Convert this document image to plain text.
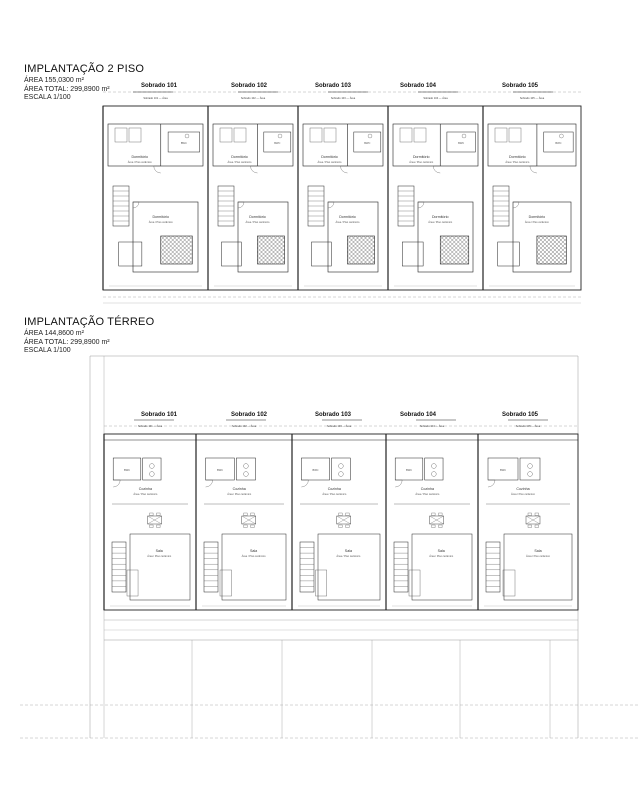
IMPLANTAÇÃO 2 PISO
ÁREA 155,0300 m²
ÁREA TOTAL: 299,8900 m²
ESCALA 1/100
Sobrado 101	Sobrado 102	Sobrado 103	Sobrado 104	Sobrado 105
IMPLANTAÇÃO TÉRREO
ÁREA 144,8600 m²
ÁREA TOTAL: 299,8900 m²
ESCALA 1/100
Sobrado 101	Sobrado 102	Sobrado 103	Sobrado 104	Sobrado 105
Sobrado 101 — Área
Dormitório
Área / Piso cerâmico
BWC
Dormitório
Área / Piso cerâmico
Sobrado 102 — Área
Dormitório
Área / Piso cerâmico
BWC
Dormitório
Área / Piso cerâmico
Sobrado 103 — Área
Dormitório
Área / Piso cerâmico
BWC
Dormitório
Área / Piso cerâmico
Sobrado 104 — Área
Dormitório
Área / Piso cerâmico
BWC
Dormitório
Área / Piso cerâmico
Sobrado 105 — Área
Dormitório
Área / Piso cerâmico
BWC
Dormitório
Área / Piso cerâmico
Sobrado 101 — Área
BWC
Cozinha
Área / Piso cerâmico
Sala
Área / Piso cerâmico
Sobrado 102 — Área
BWC
Cozinha
Área / Piso cerâmico
Sala
Área / Piso cerâmico
Sobrado 103 — Área
BWC
Cozinha
Área / Piso cerâmico
Sala
Área / Piso cerâmico
Sobrado 104 — Área
BWC
Cozinha
Área / Piso cerâmico
Sala
Área / Piso cerâmico
Sobrado 105 — Área
BWC
Cozinha
Área / Piso cerâmico
Sala
Área / Piso cerâmico
